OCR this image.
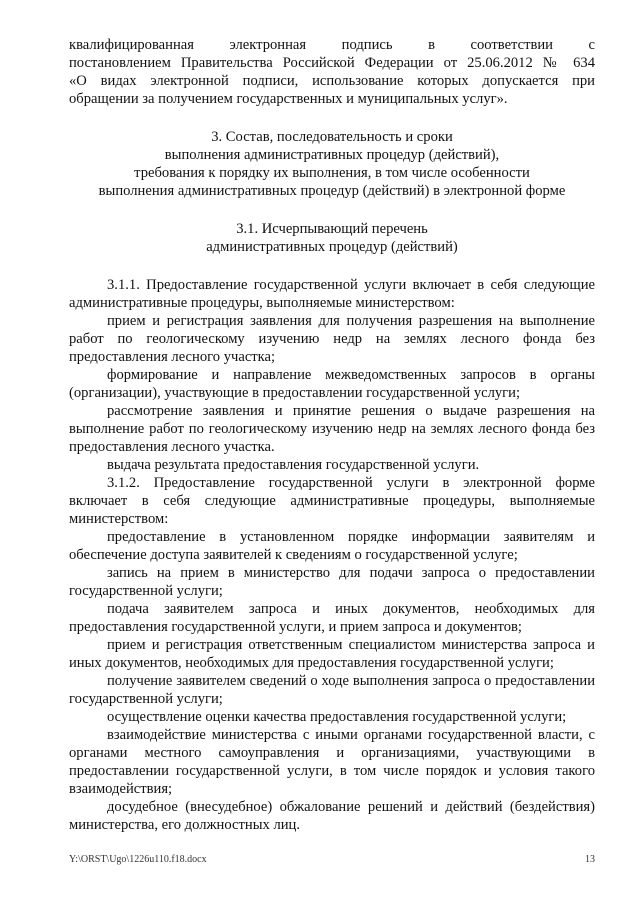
квалифицированная электронная подпись в соответствии с

постановлением Правительства Российской Федерации от 25.06.2012 № 634

«О видах электронной подписи, использование которых допускается при

обращении за получением государственных и муниципальных услуг».

3. Состав, последовательность и сроки

выполнения административных процедур (действий),

требования к порядку их выполнения, в том числе особенности

выполнения административных процедур (действий) в электронной форме

3.1. Исчерпывающий перечень

административных процедур (действий)

3.1.1. Предоставление государственной услуги включает в себя следующие административные процедуры, выполняемые министерством:

прием и регистрация заявления для получения разрешения на выполнение работ по геологическому изучению недр на землях лесного фонда без предоставления лесного участка;

формирование и направление межведомственных запросов в органы (организации), участвующие в предоставлении государственной услуги;

рассмотрение заявления и принятие решения о выдаче разрешения на выполнение работ по геологическому изучению недр на землях лесного фонда без предоставления лесного участка.

выдача результата предоставления государственной услуги.

3.1.2. Предоставление государственной услуги в электронной форме включает в себя следующие административные процедуры, выполняемые министерством:

предоставление в установленном порядке информации заявителям и обеспечение доступа заявителей к сведениям о государственной услуге;

запись на прием в министерство для подачи запроса о предоставлении государственной услуги;

подача заявителем запроса и иных документов, необходимых для предоставления государственной услуги, и прием запроса и документов;

прием и регистрация ответственным специалистом министерства запроса и иных документов, необходимых для предоставления государственной услуги;

получение заявителем сведений о ходе выполнения запроса о предоставлении государственной услуги;

осуществление оценки качества предоставления государственной услуги;

взаимодействие министерства с иными органами государственной власти, с органами местного самоуправления и организациями, участвующими в предоставлении государственной услуги, в том числе порядок и условия такого взаимодействия;

досудебное (внесудебное) обжалование решений и действий (бездействия) министерства, его должностных лиц.

Y:\ORST\Ugo\1226u110.f18.docx	13
